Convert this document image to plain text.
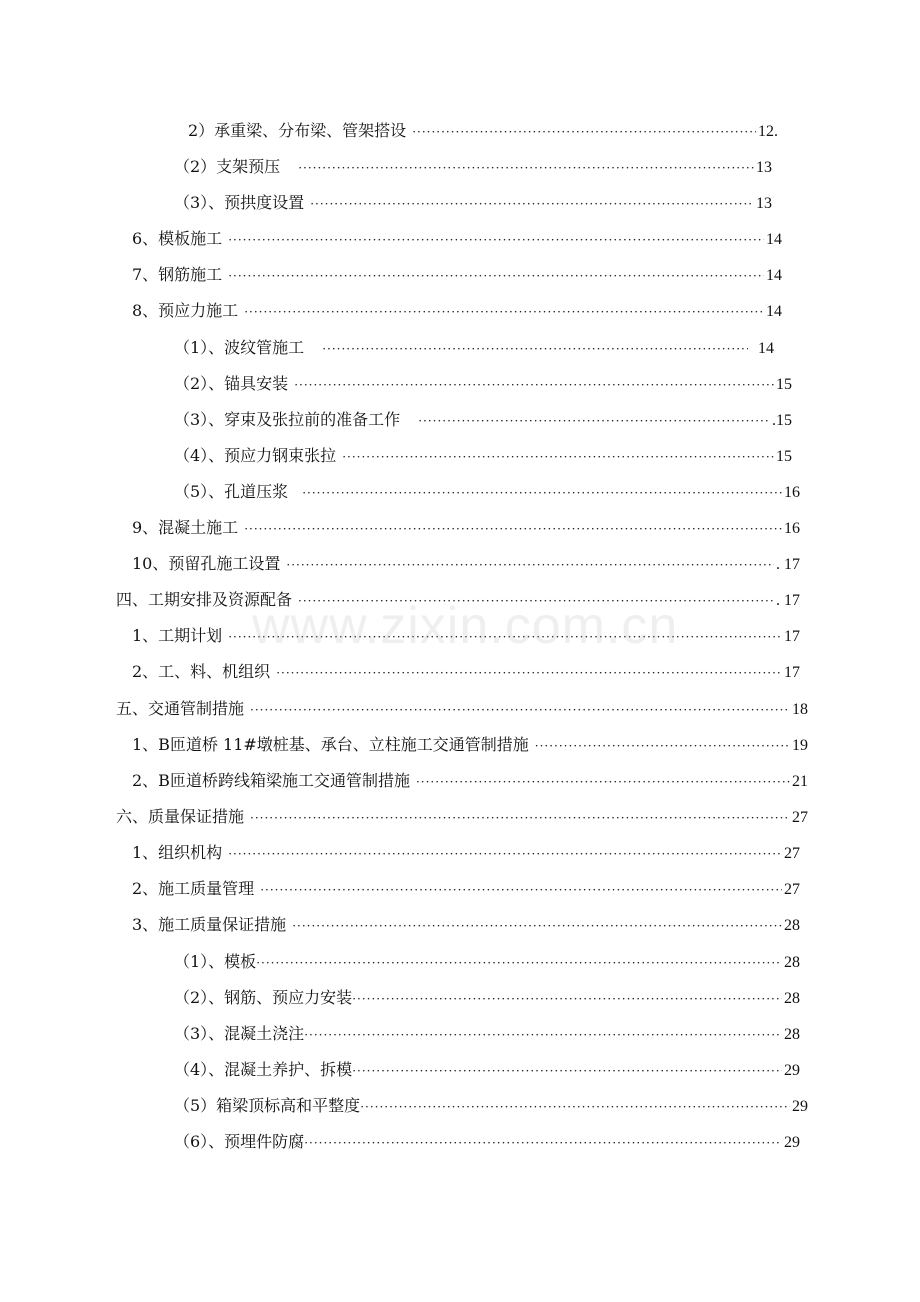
2）承重梁、分布梁、管架搭设 ·····	12.
（2）支架预压 ·····	13
（3）、预拱度设置 ·····	13
6、模板施工 ·····	14
7、钢筋施工 ·····	14
8、预应力施工 ·····	14
（1）、波纹管施工 ·····	14
（2）、锚具安装 ·····	15
（3）、穿束及张拉前的准备工作 ·····	.15
（4）、预应力钢束张拉 ·····	15
（5）、孔道压浆 ·····	16
9、混凝土施工 ·····	16
10、预留孔施工设置 ·····	. 17
四、工期安排及资源配备 ·····	. 17
1、工期计划 ·····	17
2、工、料、机组织 ·····	17
五、交通管制措施 ·····	18
1、B匝道桥 11#墩桩基、承台、立柱施工交通管制措施 ·····	19
2、B匝道桥跨线箱梁施工交通管制措施 ·····	21
六、质量保证措施 ·····	27
1、组织机构 ·····	27
2、施工质量管理 ·····	27
3、施工质量保证措施 ·····	28
（1）、模板 ·····	28
（2）、钢筋、预应力安装 ·····	28
（3）、混凝土浇注 ·····	28
（4）、混凝土养护、拆模 ·····	29
（5）箱梁顶标高和平整度 ·····	29
（6）、预埋件防腐 ·····	29
www.zixin.com.cn
